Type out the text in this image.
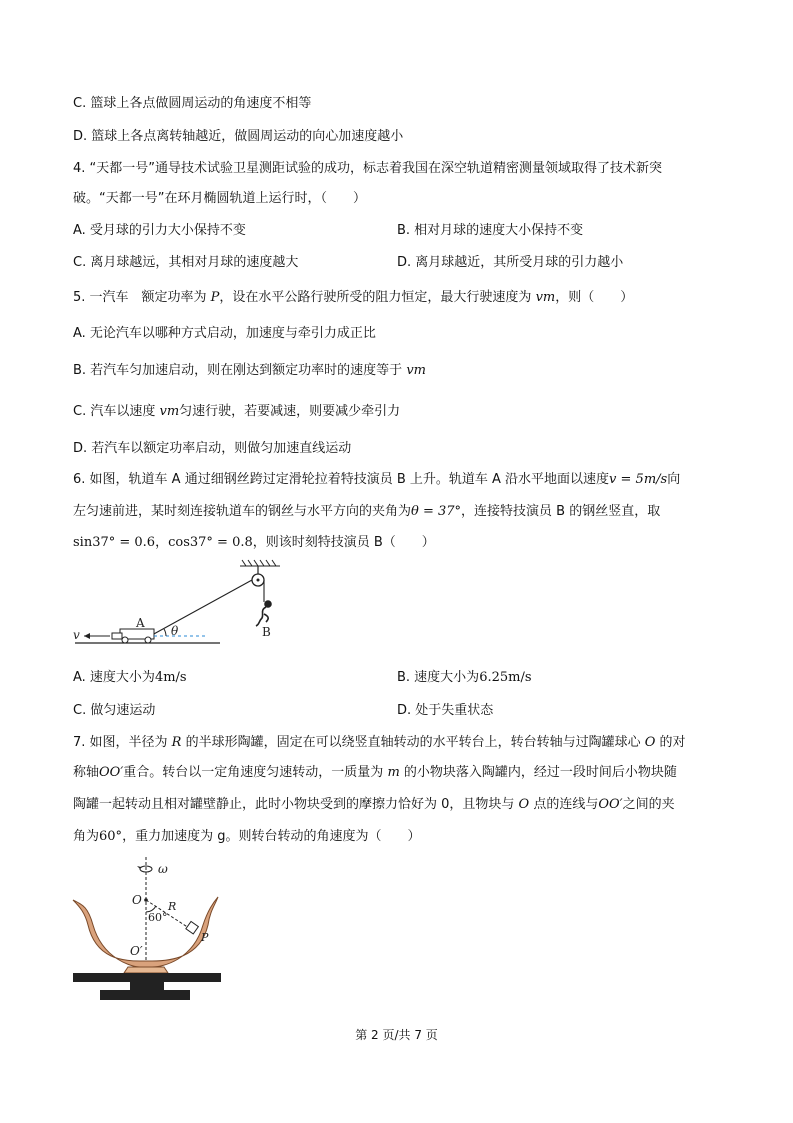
C. 篮球上各点做圆周运动的角速度不相等
D. 篮球上各点离转轴越近，做圆周运动的向心加速度越小
4. “天都一号”通导技术试验卫星测距试验的成功，标志着我国在深空轨道精密测量领域取得了技术新突
破。“天都一号”在环月椭圆轨道上运行时，（　　）
A. 受月球的引力大小保持不变	B. 相对月球的速度大小保持不变
C. 离月球越远，其相对月球的速度越大	D. 离月球越近，其所受月球的引力越小
5. 一汽车　额定功率为 P，设在水平公路行驶所受的阻力恒定，最大行驶速度为 vm，则（　　）
A. 无论汽车以哪种方式启动，加速度与牵引力成正比
B. 若汽车匀加速启动，则在刚达到额定功率时的速度等于 vm
C. 汽车以速度 vm匀速行驶，若要减速，则要减少牵引力
D. 若汽车以额定功率启动，则做匀加速直线运动
6. 如图，轨道车 A 通过细钢丝跨过定滑轮拉着特技演员 B 上升。轨道车 A 沿水平地面以速度v = 5m/s向
左匀速前进，某时刻连接轨道车的钢丝与水平方向的夹角为θ = 37°，连接特技演员 B 的钢丝竖直，取
sin37° = 0.6，cos37° = 0.8，则该时刻特技演员 B（　　）
B
A
v	θ
A. 速度大小为4m/s	B. 速度大小为6.25m/s
C. 做匀速运动	D. 处于失重状态
7. 如图，半径为 R 的半球形陶罐，固定在可以绕竖直轴转动的水平转台上，转台转轴与过陶罐球心 O 的对
称轴OO′重合。转台以一定角速度匀速转动，一质量为 m 的小物块落入陶罐内，经过一段时间后小物块随
陶罐一起转动且相对罐壁静止，此时小物块受到的摩擦力恰好为 0，且物块与 O 点的连线与OO′之间的夹
角为60°，重力加速度为 g。则转台转动的角速度为（　　）
ω
O R
60°
P
O′
第 2 页/共 7 页
